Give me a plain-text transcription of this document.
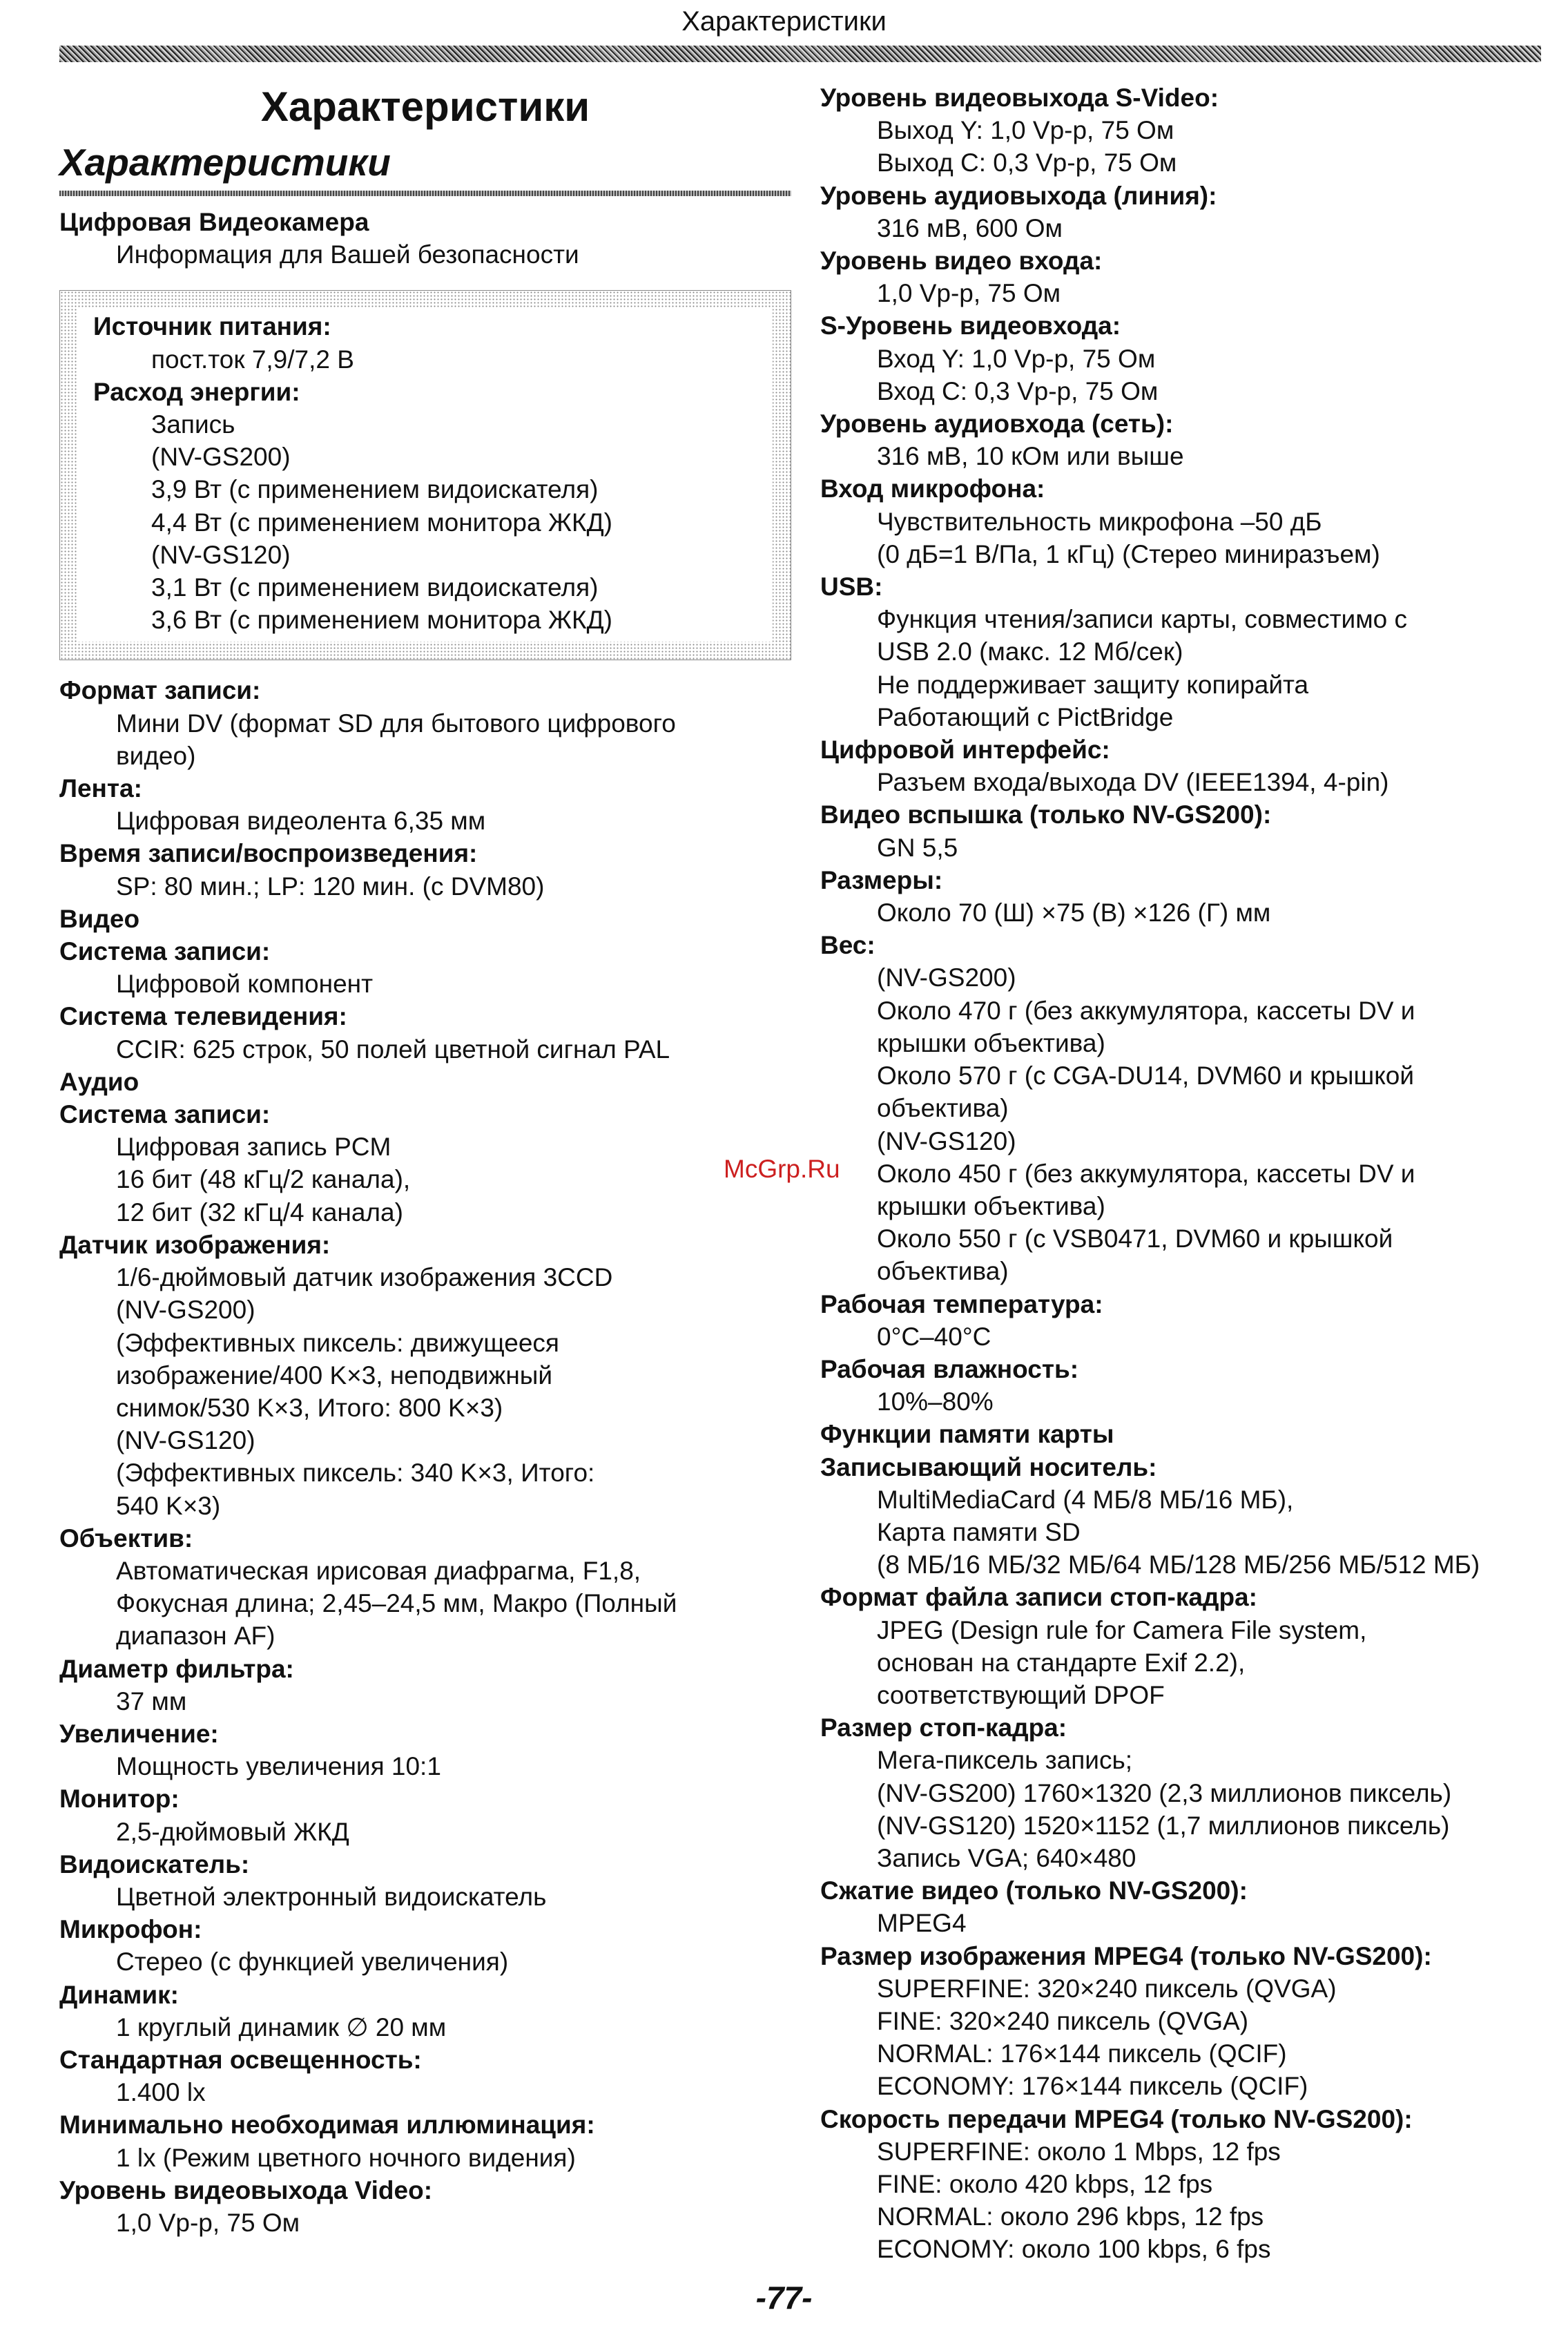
Характеристики
Характеристики
Характеристики
Цифровая Видеокамера
Информация для Вашей безопасности
Источник питания:
пост.ток 7,9/7,2 В
Расход энергии:
Запись
(NV-GS200)
3,9 Вт (с применением видоискателя)
4,4 Вт (с применением монитора ЖКД)
(NV-GS120)
3,1 Вт (с применением видоискателя)
3,6 Вт (с применением монитора ЖКД)
Формат записи:
Мини DV (формат SD для бытового цифрового
видео)
Лента:
Цифровая видеолента 6,35 мм
Время записи/воспроизведения:
SP: 80 мин.; LP: 120 мин. (с DVM80)
Видео
Система записи:
Цифровой компонент
Система телевидения:
CCIR: 625 строк, 50 полей цветной сигнал PAL
Аудио
Система записи:
Цифровая запись PCM
16 бит (48 кГц/2 канала),
12 бит (32 кГц/4 канала)
Датчик изображения:
1/6-дюймовый датчик изображения 3CCD
(NV-GS200)
(Эффективных пиксель: движущееся
изображение/400 K×3, неподвижный
снимок/530 K×3, Итого: 800 K×3)
(NV-GS120)
(Эффективных пиксель: 340 K×3, Итого:
540 K×3)
Объектив:
Автоматическая ирисовая диафрагма, F1,8,
Фокусная длина; 2,45–24,5 мм, Макро (Полный
диапазон AF)
Диаметр фильтра:
37 мм
Увеличение:
Мощность увеличения 10:1
Монитор:
2,5-дюймовый ЖКД
Видоискатель:
Цветной электронный видоискатель
Микрофон:
Стерео (с функцией увеличения)
Динамик:
1 круглый динамик ∅ 20 мм
Стандартная освещенность:
1.400 lx
Минимально необходимая иллюминация:
1 lx (Режим цветного ночного видения)
Уровень видеовыхода Video:
1,0 Vp-p, 75 Ом
Уровень видеовыхода S-Video:
Выход Y: 1,0 Vp-p, 75 Ом
Выход C: 0,3 Vp-p, 75 Ом
Уровень аудиовыхода (линия):
316 мВ, 600 Ом
Уровень видео входа:
1,0 Vp-p, 75 Ом
S-Уровень видеовхода:
Вход Y: 1,0 Vp-p, 75 Ом
Вход C: 0,3 Vp-p, 75 Ом
Уровень аудиовхода (сеть):
316 мВ, 10 кОм или выше
Вход микрофона:
Чувствительность микрофона –50 дБ
(0 дБ=1 В/Па, 1 кГц) (Стерео миниразъем)
USB:
Функция чтения/записи карты, совместимо с
USB 2.0 (макс. 12 Мб/сек)
Не поддерживает защиту копирайта
Работающий с PictBridge
Цифровой интерфейс:
Разъем входа/выхода DV (IEEE1394, 4-pin)
Видео вспышка (только NV-GS200):
GN 5,5
Размеры:
Около 70 (Ш) ×75 (В) ×126 (Г) мм
Вес:
(NV-GS200)
Около 470 г (без аккумулятора, кассеты DV и
крышки объектива)
Около 570 г (с CGA-DU14, DVM60 и крышкой
объектива)
(NV-GS120)
Около 450 г (без аккумулятора, кассеты DV и
крышки объектива)
Около 550 г (с VSB0471, DVM60 и крышкой
объектива)
Рабочая температура:
0°C–40°C
Рабочая влажность:
10%–80%
Функции памяти карты
Записывающий носитель:
MultiMediaCard (4 МБ/8 МБ/16 МБ),
Карта памяти SD
(8 МБ/16 МБ/32 МБ/64 МБ/128 МБ/256 МБ/512 МБ)
Формат файла записи стоп-кадра:
JPEG (Design rule for Camera File system,
основан на стандарте Exif 2.2),
соответствующий DPOF
Размер стоп-кадра:
Мега-пиксель запись;
(NV-GS200) 1760×1320 (2,3 миллионов пиксель)
(NV-GS120) 1520×1152 (1,7 миллионов пиксель)
Запись VGA; 640×480
Сжатие видео (только NV-GS200):
MPEG4
Размер изображения MPEG4 (только NV-GS200):
SUPERFINE: 320×240 пиксель (QVGA)
FINE: 320×240 пиксель (QVGA)
NORMAL: 176×144 пиксель (QCIF)
ECONOMY: 176×144 пиксель (QCIF)
Скорость передачи MPEG4 (только NV-GS200):
SUPERFINE: около 1 Mbps, 12 fps
FINE: около 420 kbps, 12 fps
NORMAL: около 296 kbps, 12 fps
ECONOMY: около 100 kbps, 6 fps
McGrp.Ru
-77-
